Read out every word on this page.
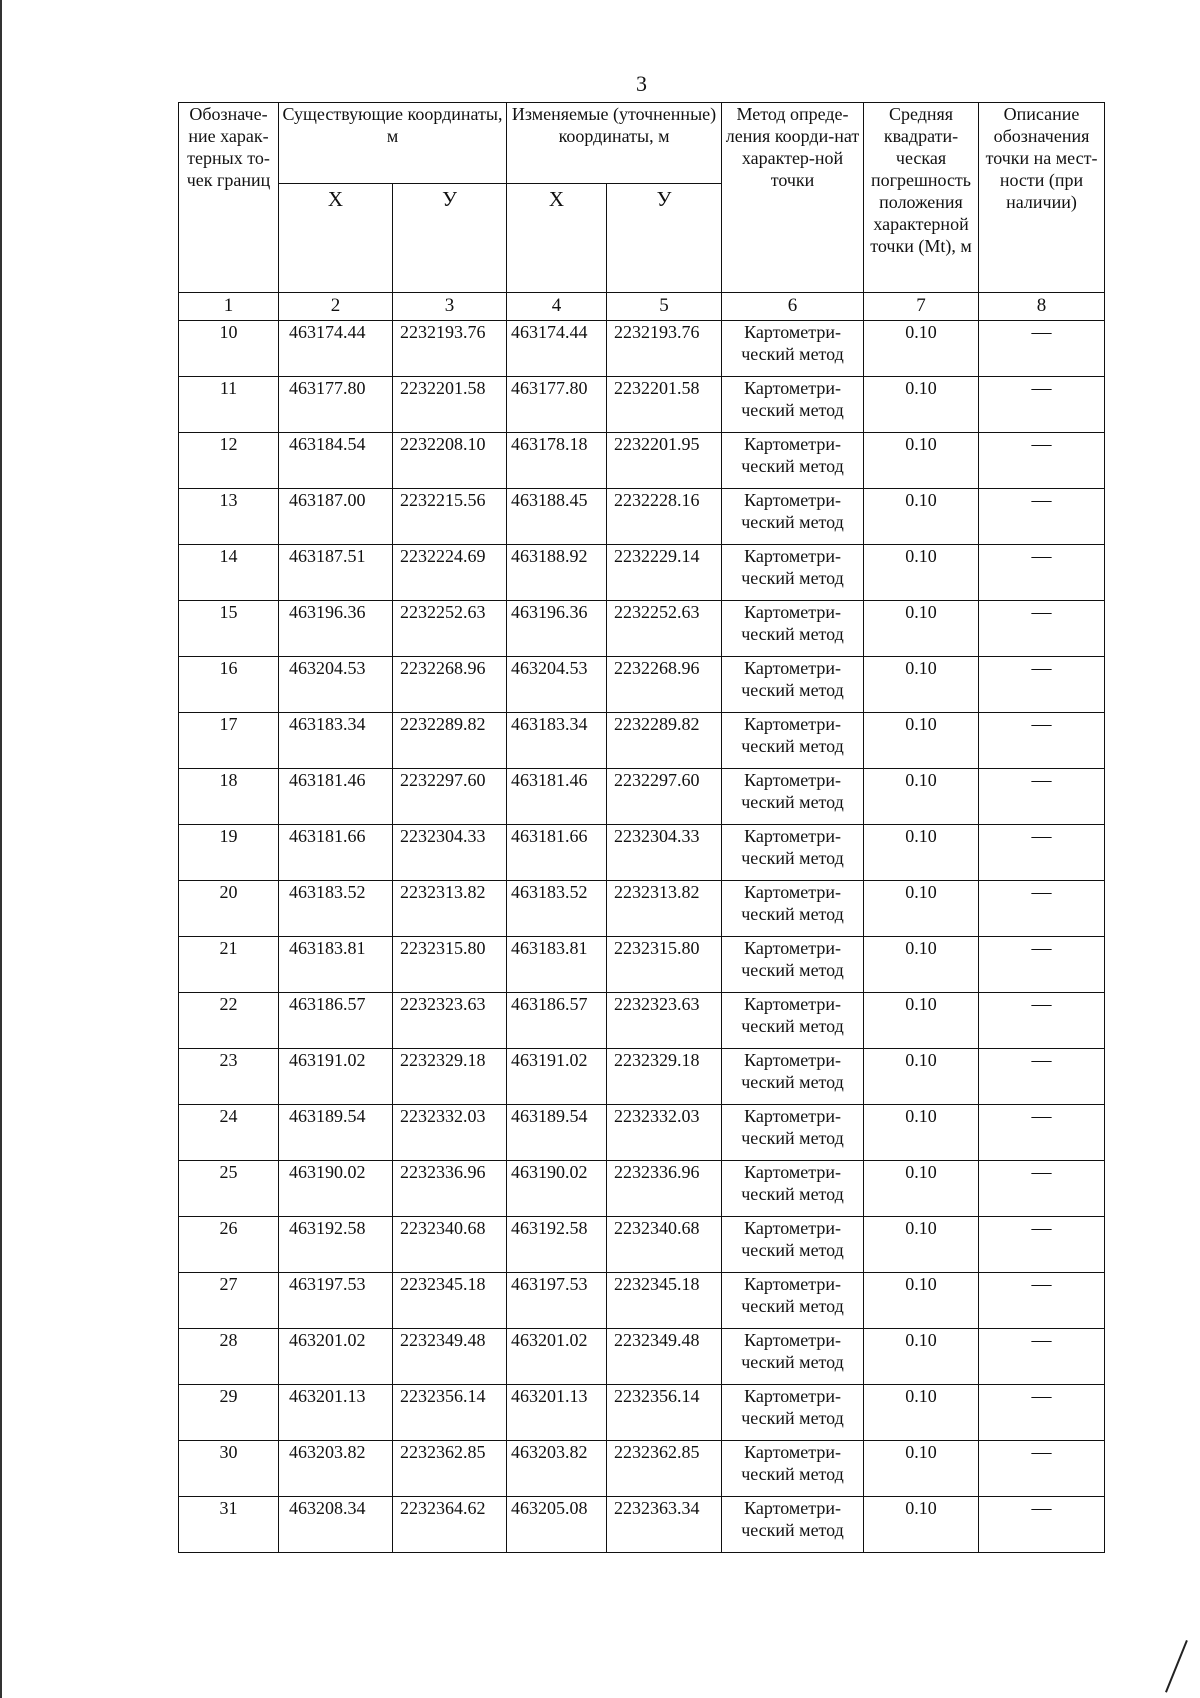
3
Обозначе-ние харак-терных то-чек границ	Существующие координаты, м		Изменяемые (уточненные) координаты, м		Метод опреде-ления коорди-нат характер-ной точки	Средняя квадрати-ческая погрешность положения характерной точки (Mt), м	Описание обозначения точки на мест-ности (при наличии)
	Х	У	Х	У			
1	2	3	4	5	6	7	8
10	463174.44	2232193.76	463174.44	2232193.76	Картометри-ческий метод	0.10	—
11	463177.80	2232201.58	463177.80	2232201.58	Картометри-ческий метод	0.10	—
12	463184.54	2232208.10	463178.18	2232201.95	Картометри-ческий метод	0.10	—
13	463187.00	2232215.56	463188.45	2232228.16	Картометри-ческий метод	0.10	—
14	463187.51	2232224.69	463188.92	2232229.14	Картометри-ческий метод	0.10	—
15	463196.36	2232252.63	463196.36	2232252.63	Картометри-ческий метод	0.10	—
16	463204.53	2232268.96	463204.53	2232268.96	Картометри-ческий метод	0.10	—
17	463183.34	2232289.82	463183.34	2232289.82	Картометри-ческий метод	0.10	—
18	463181.46	2232297.60	463181.46	2232297.60	Картометри-ческий метод	0.10	—
19	463181.66	2232304.33	463181.66	2232304.33	Картометри-ческий метод	0.10	—
20	463183.52	2232313.82	463183.52	2232313.82	Картометри-ческий метод	0.10	—
21	463183.81	2232315.80	463183.81	2232315.80	Картометри-ческий метод	0.10	—
22	463186.57	2232323.63	463186.57	2232323.63	Картометри-ческий метод	0.10	—
23	463191.02	2232329.18	463191.02	2232329.18	Картометри-ческий метод	0.10	—
24	463189.54	2232332.03	463189.54	2232332.03	Картометри-ческий метод	0.10	—
25	463190.02	2232336.96	463190.02	2232336.96	Картометри-ческий метод	0.10	—
26	463192.58	2232340.68	463192.58	2232340.68	Картометри-ческий метод	0.10	—
27	463197.53	2232345.18	463197.53	2232345.18	Картометри-ческий метод	0.10	—
28	463201.02	2232349.48	463201.02	2232349.48	Картометри-ческий метод	0.10	—
29	463201.13	2232356.14	463201.13	2232356.14	Картометри-ческий метод	0.10	—
30	463203.82	2232362.85	463203.82	2232362.85	Картометри-ческий метод	0.10	—
31	463208.34	2232364.62	463205.08	2232363.34	Картометри-ческий метод	0.10	—
